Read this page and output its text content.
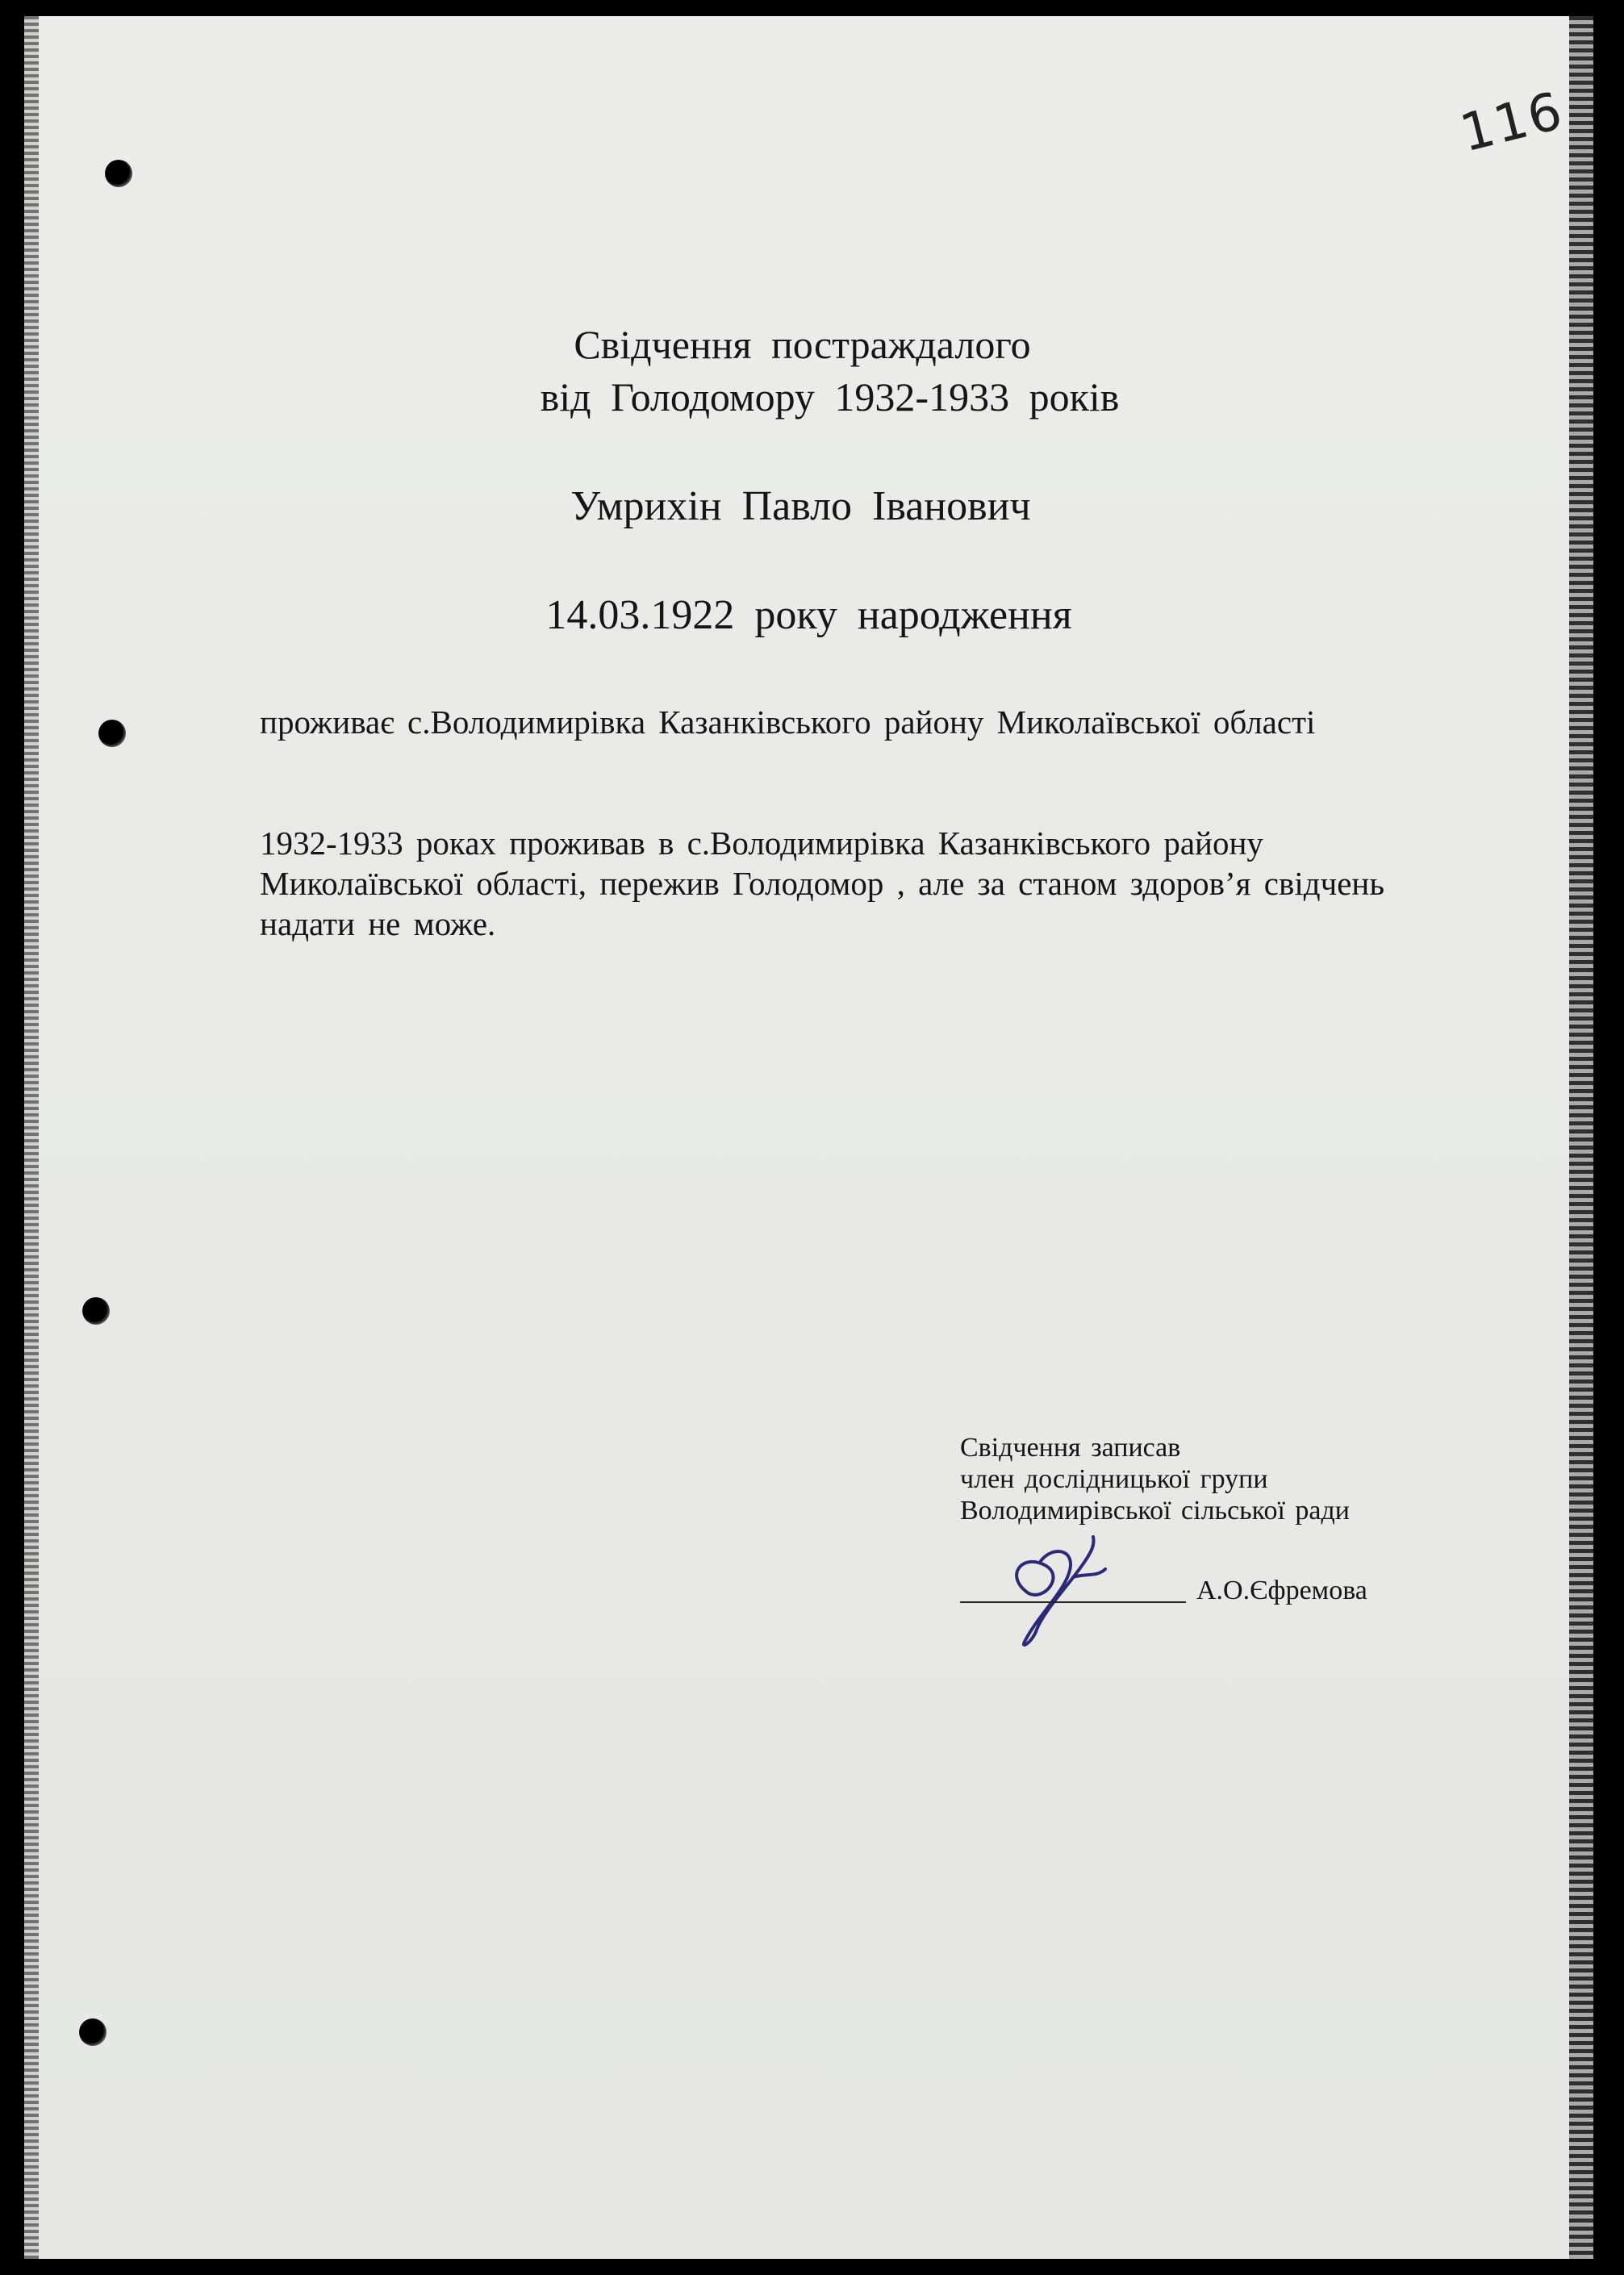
116
Свідчення постраждалого
від Голодомору 1932-1933 років
Умрихін Павло Іванович
14.03.1922 року народження
проживає с.Володимирівка Казанківського району Миколаївської області
1932-1933 роках проживав в с.Володимирівка Казанківського району Миколаївської області, пережив Голодомор , але за станом здоров’я свідчень надати не може.
Свідчення записав
член дослідницької групи
Володимирівської сільської ради
А.О.Єфремова
